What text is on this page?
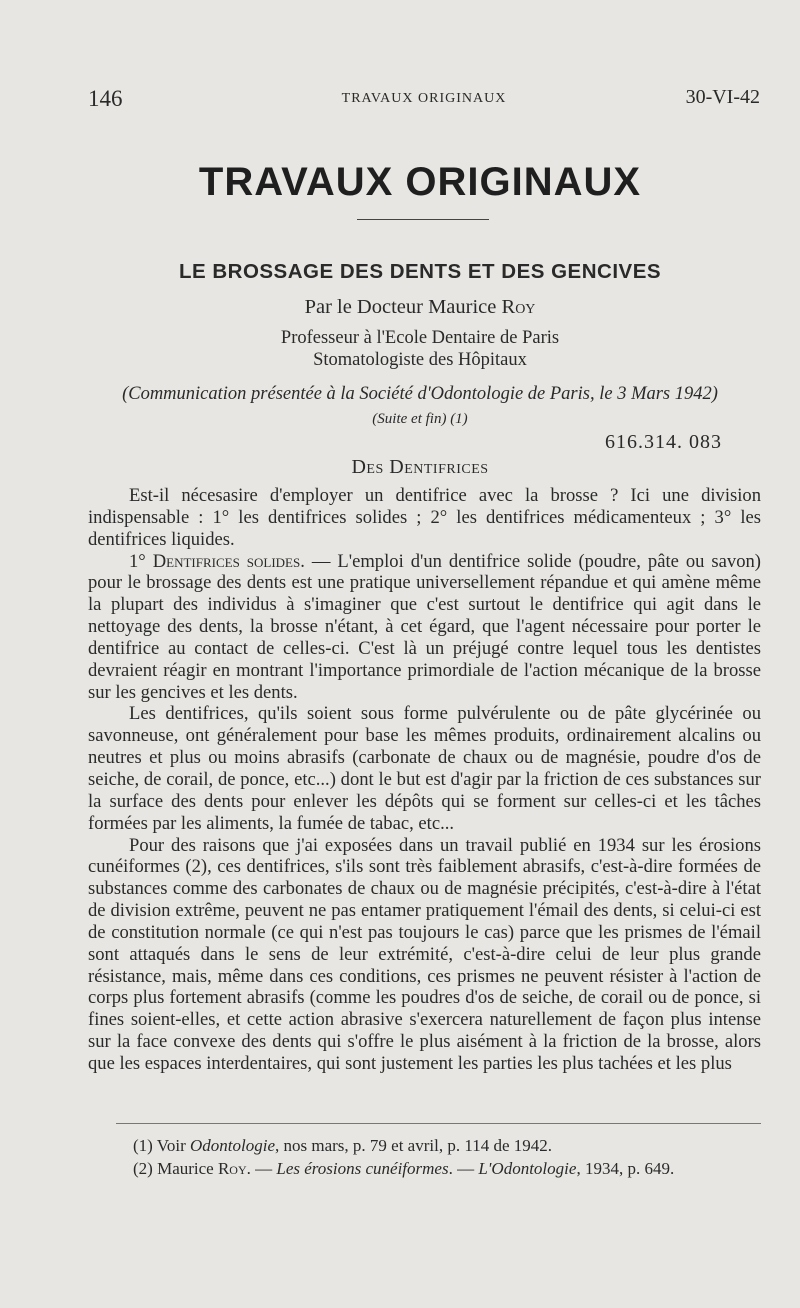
146	TRAVAUX ORIGINAUX	30-VI-42
TRAVAUX ORIGINAUX
LE BROSSAGE DES DENTS ET DES GENCIVES
Par le Docteur Maurice Roy
Professeur à l'Ecole Dentaire de Paris
Stomatologiste des Hôpitaux
(Communication présentée à la Société d'Odontologie de Paris, le 3 Mars 1942)
(Suite et fin) (1)
616.314. 083
Des Dentifrices

Est-il nécesasire d'employer un dentifrice avec la brosse ? Ici une division indispensable : 1° les dentifrices solides ; 2° les dentifrices médicamenteux ; 3° les dentifrices liquides.

1° Dentifrices solides. — L'emploi d'un dentifrice solide (poudre, pâte ou savon) pour le brossage des dents est une pratique universellement répandue et qui amène même la plupart des individus à s'imaginer que c'est surtout le dentifrice qui agit dans le nettoyage des dents, la brosse n'étant, à cet égard, que l'agent nécessaire pour porter le dentifrice au contact de celles-ci. C'est là un préjugé contre lequel tous les dentistes devraient réagir en montrant l'importance primordiale de l'action mécanique de la brosse sur les gencives et les dents.

Les dentifrices, qu'ils soient sous forme pulvérulente ou de pâte glycérinée ou savonneuse, ont généralement pour base les mêmes produits, ordinairement alcalins ou neutres et plus ou moins abrasifs (carbonate de chaux ou de magnésie, poudre d'os de seiche, de corail, de ponce, etc...) dont le but est d'agir par la friction de ces substances sur la surface des dents pour enlever les dépôts qui se forment sur celles-ci et les tâches formées par les aliments, la fumée de tabac, etc...

Pour des raisons que j'ai exposées dans un travail publié en 1934 sur les érosions cunéiformes (2), ces dentifrices, s'ils sont très faiblement abrasifs, c'est-à-dire formées de substances comme des carbonates de chaux ou de magnésie précipités, c'est-à-dire à l'état de division extrême, peuvent ne pas entamer pratiquement l'émail des dents, si celui-ci est de constitution normale (ce qui n'est pas toujours le cas) parce que les prismes de l'émail sont attaqués dans le sens de leur extrémité, c'est-à-dire celui de leur plus grande résistance, mais, même dans ces conditions, ces prismes ne peuvent résister à l'action de corps plus fortement abrasifs (comme les poudres d'os de seiche, de corail ou de ponce, si fines soient-elles, et cette action abrasive s'exercera naturellement de façon plus intense sur la face convexe des dents qui s'offre le plus aisément à la friction de la brosse, alors que les espaces interdentaires, qui sont justement les parties les plus tachées et les plus

(1) Voir Odontologie, nos mars, p. 79 et avril, p. 114 de 1942.
(2) Maurice Roy. — Les érosions cunéiformes. — L'Odontologie, 1934, p. 649.
